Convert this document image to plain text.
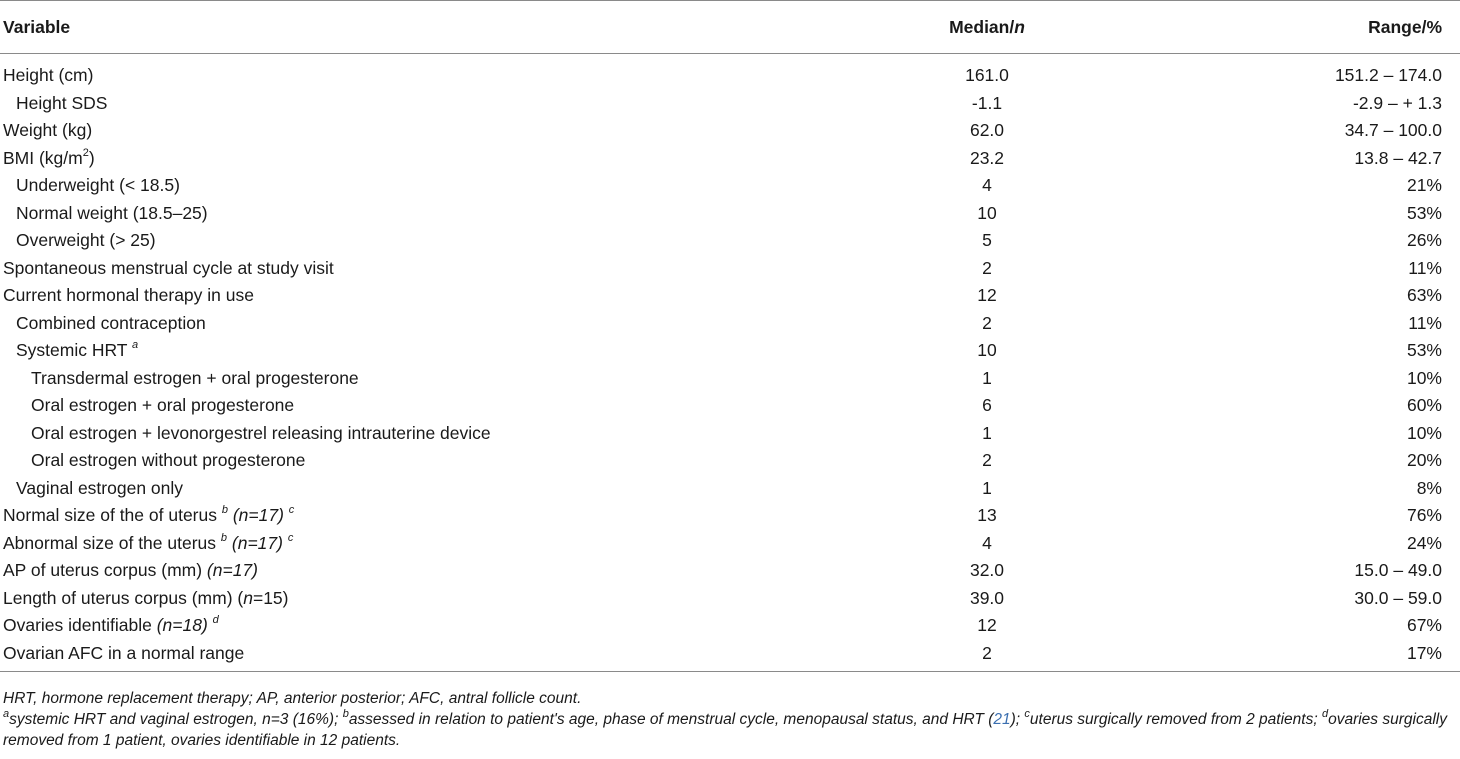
Variable	Median/n	Range/%
Height (cm)	161.0	151.2 – 174.0
Height SDS	-1.1	-2.9 – + 1.3
Weight (kg)	62.0	34.7 – 100.0
BMI $(kg/m^2)$	23.2	13.8 – 42.7
Underweight (< 18.5)	4	21%
Normal weight (18.5–25)	10	53%
Overweight (> 25)	5	26%
Spontaneous menstrual cycle at study visit	2	11%
Current hormonal therapy in use	12	63%
Combined contraception	2	11%
Systemic HRT $^a$	10	53%
Transdermal estrogen + oral progesterone	1	10%
Oral estrogen + oral progesterone	6	60%
Oral estrogen + levonorgestrel releasing intrauterine device	1	10%
Oral estrogen without progesterone	2	20%
Vaginal estrogen only	1	8%
Normal size of the of uterus $^b$ (n=17) $^c$	13	76%
Abnormal size of the uterus $^b$ (n=17) $^c$	4	24%
AP of uterus corpus (mm) (n=17)	32.0	15.0 – 49.0
Length of uterus corpus (mm) (n=15)	39.0	30.0 – 59.0
Ovaries identifiable (n=18) $^d$	12	67%
Ovarian AFC in a normal range	2	17%

HRT, hormone replacement therapy; AP, anterior posterior; AFC, antral follicle count.

$^a$systemic HRT and vaginal estrogen, n=3 (16%); $^b$assessed in relation to patient's age, phase of menstrual cycle, menopausal status, and HRT (21); $^c$uterus surgically removed from 2 patients; $^d$ovaries surgically removed from 1 patient, ovaries identifiable in 12 patients.
